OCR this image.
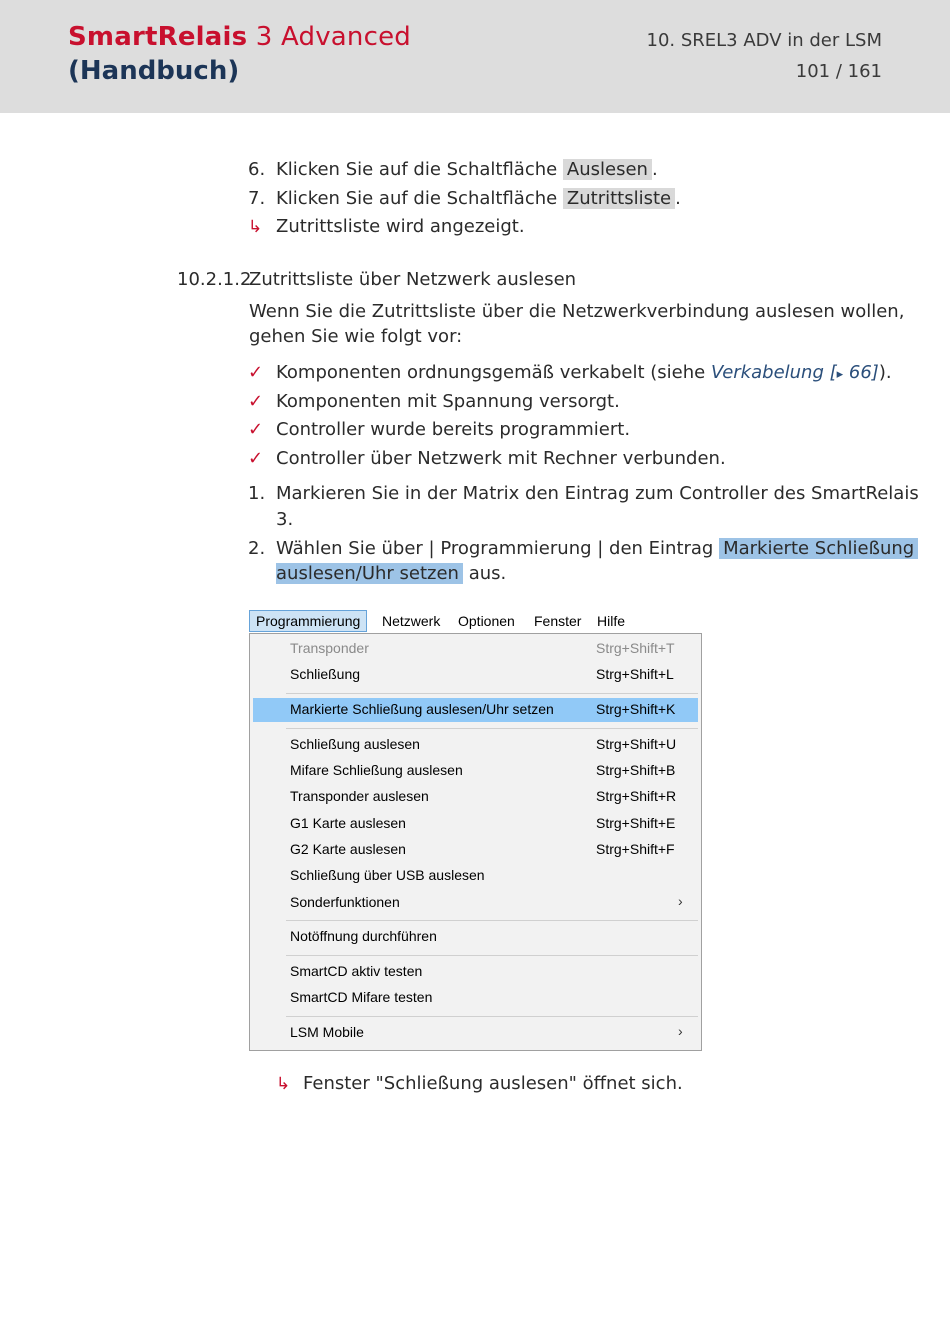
SmartRelais 3 Advanced
(Handbuch)
10. SREL3 ADV in der LSM
101 / 161
6. Klicken Sie auf die Schaltfläche Auslesen .
7. Klicken Sie auf die Schaltfläche Zutrittsliste .
↳ Zutrittsliste wird angezeigt.
10.2.1.2
Zutrittsliste über Netzwerk auslesen
Wenn Sie die Zutrittsliste über die Netzwerkverbindung auslesen wollen,
gehen Sie wie folgt vor:
✓ Komponenten ordnungsgemäß verkabelt (siehe Verkabelung [▸ 66]).
✓ Komponenten mit Spannung versorgt.
✓ Controller wurde bereits programmiert.
✓ Controller über Netzwerk mit Rechner verbunden.
1. Markieren Sie in der Matrix den Eintrag zum Controller des SmartRelais
3.
2. Wählen Sie über | Programmierung | den Eintrag Markierte Schließung
auslesen/Uhr setzen aus.
Programmierung	Netzwerk Optionen Fenster Hilfe
Transponder	Strg+Shift+T
Schließung	Strg+Shift+L
Markierte Schließung auslesen/Uhr setzen	Strg+Shift+K
Schließung auslesen	Strg+Shift+U
Mifare Schließung auslesen	Strg+Shift+B
Transponder auslesen	Strg+Shift+R
G1 Karte auslesen	Strg+Shift+E
G2 Karte auslesen	Strg+Shift+F
Schließung über USB auslesen
Sonderfunktionen	›
Notöffnung durchführen
SmartCD aktiv testen
SmartCD Mifare testen
LSM Mobile	›
↳ Fenster "Schließung auslesen" öffnet sich.
